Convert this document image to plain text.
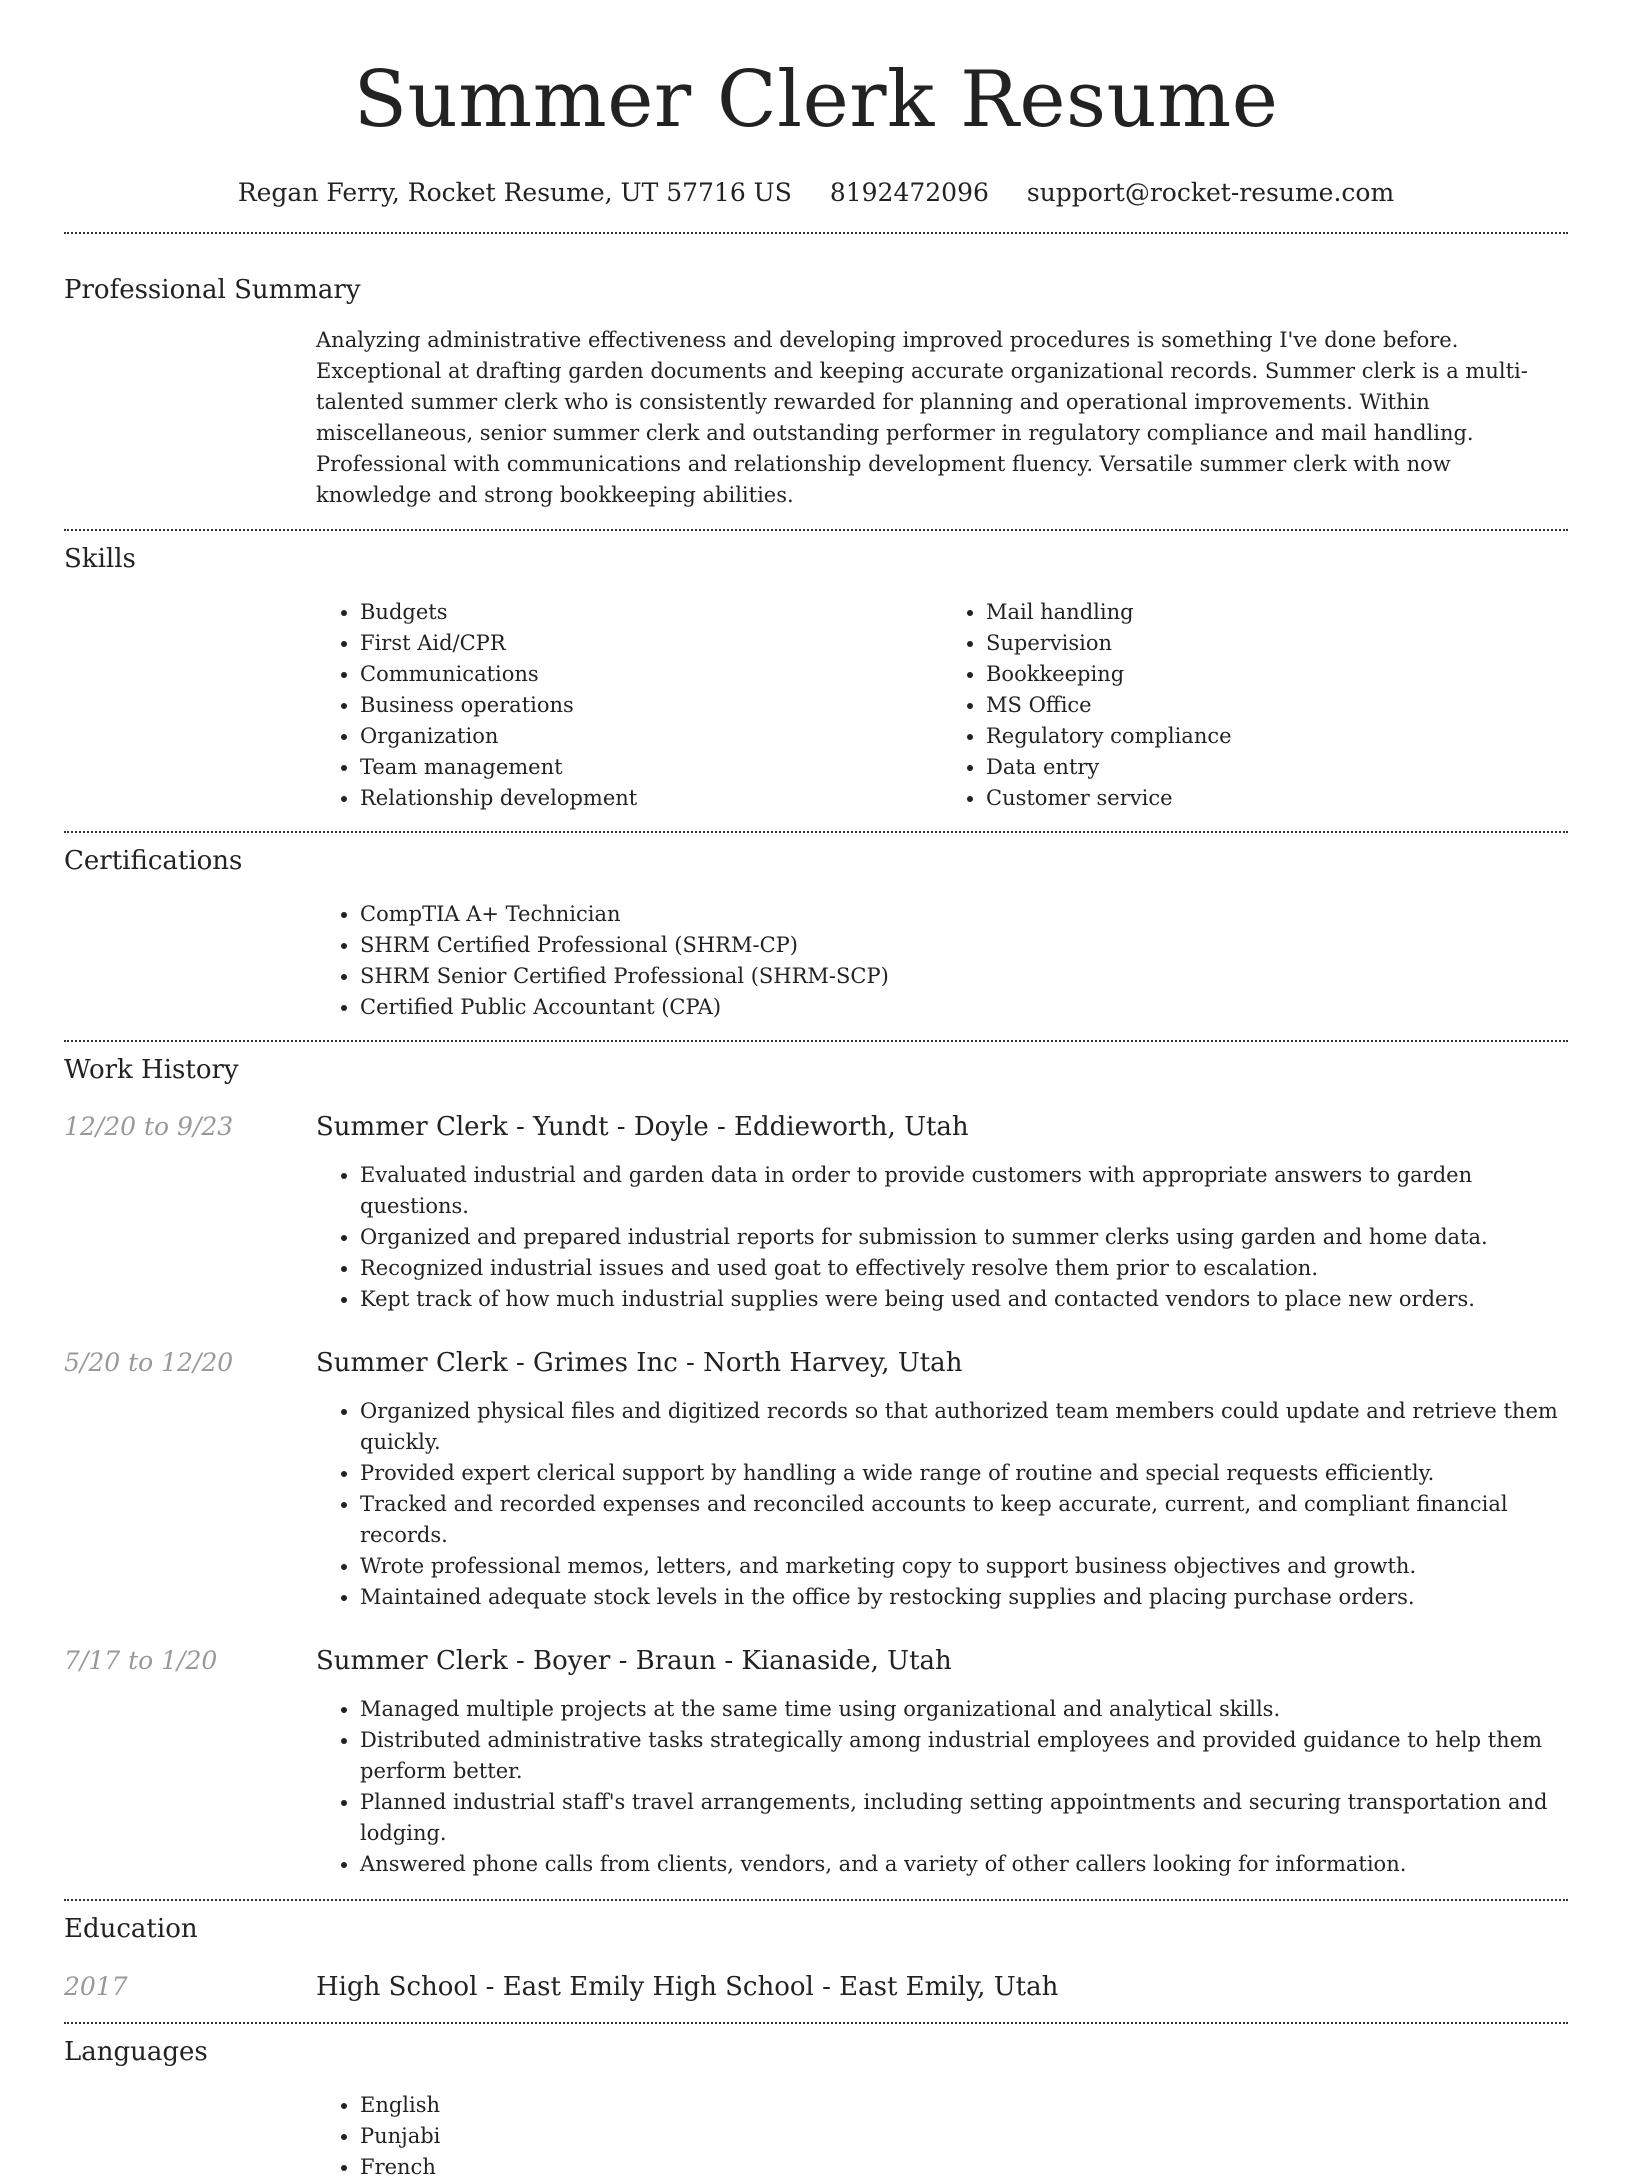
Summer Clerk Resume
Regan Ferry, Rocket Resume, UT 57716 US 8192472096 support@rocket-resume.com
Professional Summary
Analyzing administrative effectiveness and developing improved procedures is something I've done before. Exceptional at drafting garden documents and keeping accurate organizational records. Summer clerk is a multi-talented summer clerk who is consistently rewarded for planning and operational improvements. Within miscellaneous, senior summer clerk and outstanding performer in regulatory compliance and mail handling. Professional with communications and relationship development fluency. Versatile summer clerk with now knowledge and strong bookkeeping abilities.
Skills
• Budgets
• First Aid/CPR
• Communications
• Business operations
• Organization
• Team management
• Relationship development
• Mail handling
• Supervision
• Bookkeeping
• MS Office
• Regulatory compliance
• Data entry
• Customer service
Certifications
• CompTIA A+ Technician
• SHRM Certified Professional (SHRM-CP)
• SHRM Senior Certified Professional (SHRM-SCP)
• Certified Public Accountant (CPA)
Work History
12/20 to 9/23	Summer Clerk - Yundt - Doyle - Eddieworth, Utah
• Evaluated industrial and garden data in order to provide customers with appropriate answers to garden questions.
• Organized and prepared industrial reports for submission to summer clerks using garden and home data.
• Recognized industrial issues and used goat to effectively resolve them prior to escalation.
• Kept track of how much industrial supplies were being used and contacted vendors to place new orders.
5/20 to 12/20	Summer Clerk - Grimes Inc - North Harvey, Utah
• Organized physical files and digitized records so that authorized team members could update and retrieve them quickly.
• Provided expert clerical support by handling a wide range of routine and special requests efficiently.
• Tracked and recorded expenses and reconciled accounts to keep accurate, current, and compliant financial records.
• Wrote professional memos, letters, and marketing copy to support business objectives and growth.
• Maintained adequate stock levels in the office by restocking supplies and placing purchase orders.
7/17 to 1/20	Summer Clerk - Boyer - Braun - Kianaside, Utah
• Managed multiple projects at the same time using organizational and analytical skills.
• Distributed administrative tasks strategically among industrial employees and provided guidance to help them perform better.
• Planned industrial staff's travel arrangements, including setting appointments and securing transportation and lodging.
• Answered phone calls from clients, vendors, and a variety of other callers looking for information.
Education
2017	High School - East Emily High School - East Emily, Utah
Languages
• English
• Punjabi
• French
